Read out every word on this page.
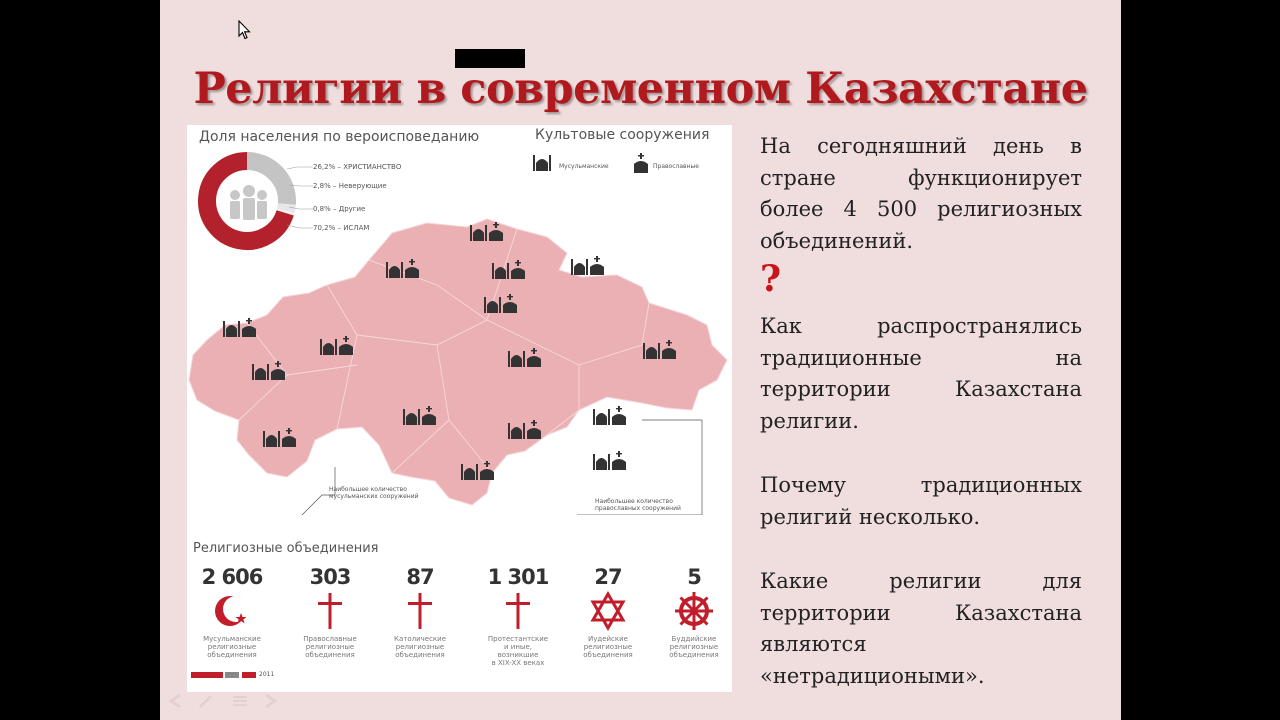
Религии в современном Казахстане
Доля населения по вероисповеданию	Культовые сооружения
26,2% – ХРИСТИАНСТВО
2,8% – Неверующие
0,8% – Другие
70,2% – ИСЛАМ
Мусульманские	Православные
Наибольшее количество
мусульманских сооружений
Наибольшее количество
православных сооружений
Религиозные объединения
2 606
Мусульманские
религиозные
объединения
303
Православные
религиозные
объединения
87
Католические
религиозные
объединения
1 301
Протестантские
и иные,
возникшие
в XIX-XX веках
27
Иудейские
религиозные
объединения
5
Буддийские
религиозные
объединения
2011
На сегодняшний день в стране функционирует более 4 500 религиозных объединений.
?
Как распространялись традиционные на территории Казахстана религии.
Почему традиционных религий несколько.
Какие религии для территории Казахстана являются «нетрадициоными».
